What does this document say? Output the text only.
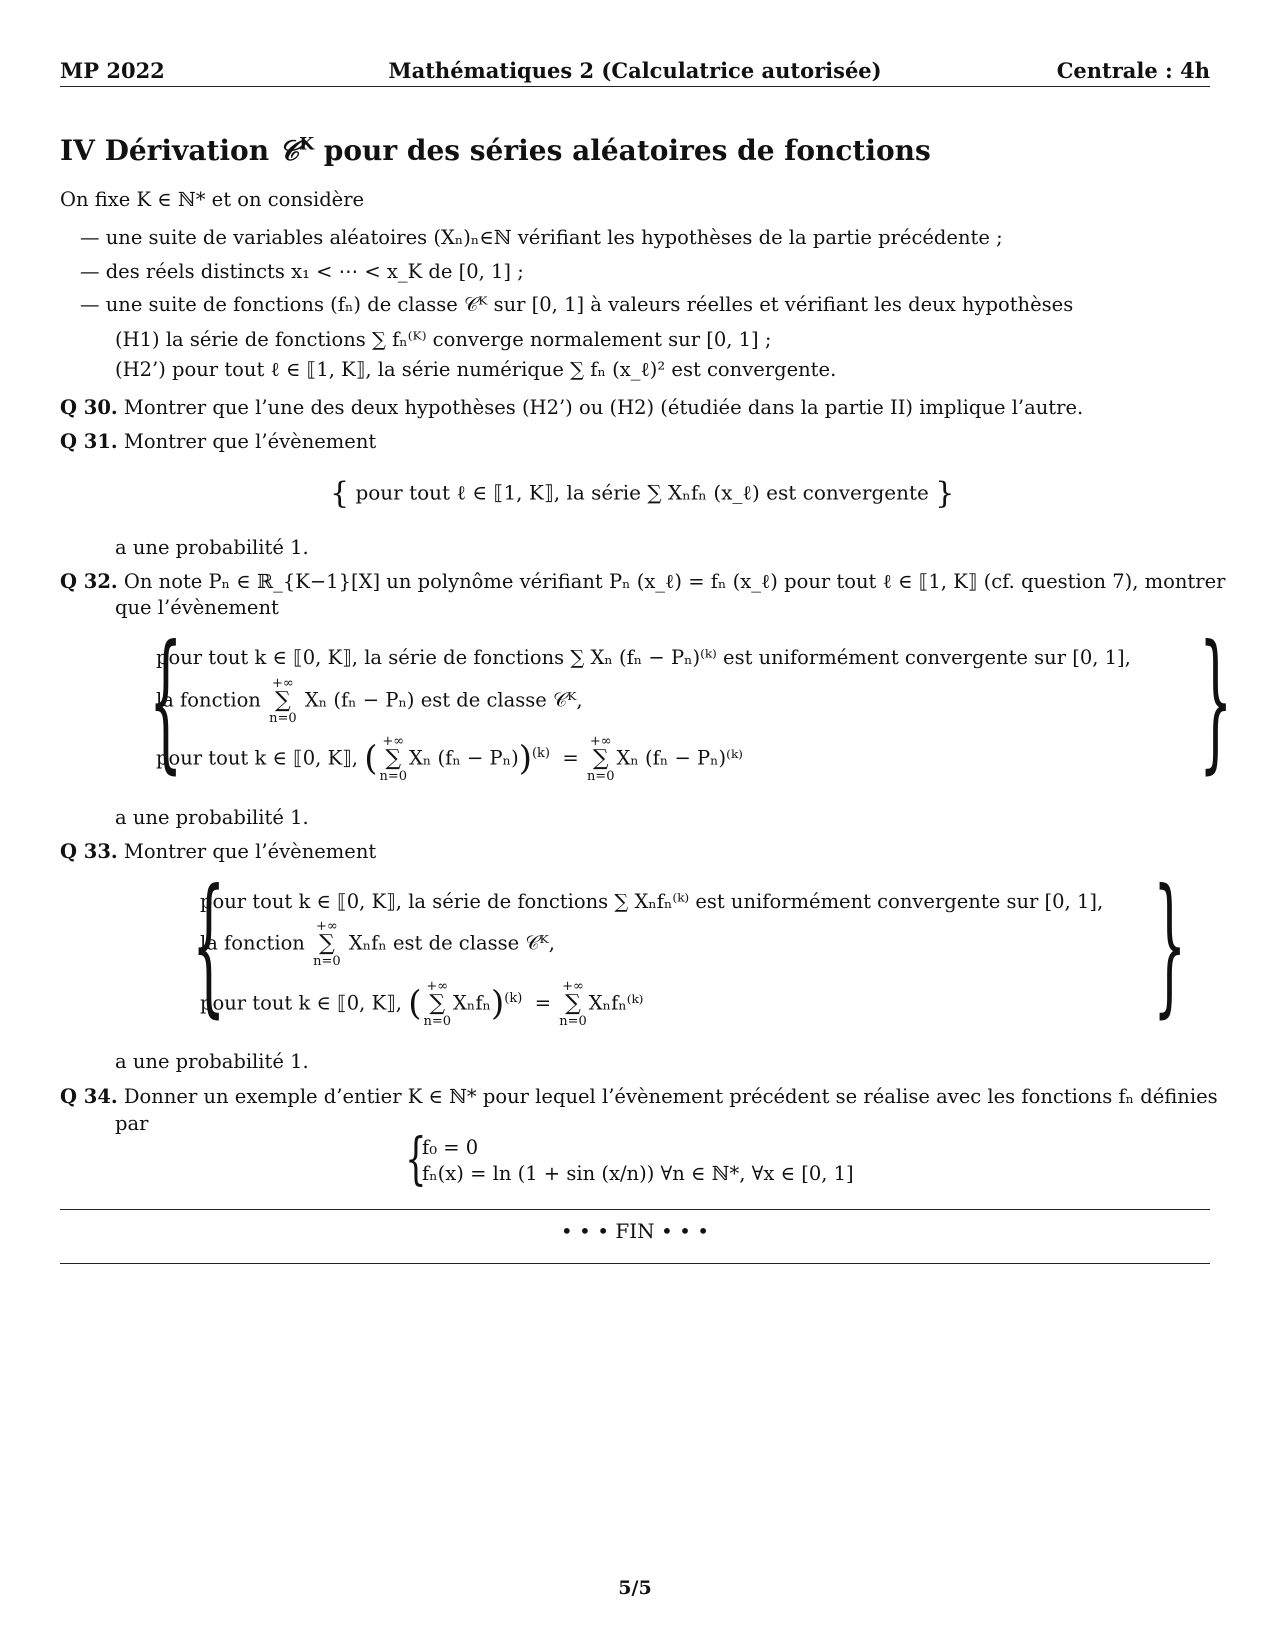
MP 2022	Mathématiques 2 (Calculatrice autorisée)	Centrale : 4h
IV Dérivation 𝒞$^K$ pour des séries aléatoires de fonctions
On fixe K ∈ ℕ* et on considère
— une suite de variables aléatoires (Xₙ)ₙ∈ℕ vérifiant les hypothèses de la partie précédente ;
— des réels distincts x₁ < ⋯ < x_K de [0, 1] ;
— une suite de fonctions (fₙ) de classe 𝒞ᴷ sur [0, 1] à valeurs réelles et vérifiant les deux hypothèses
(H1) la série de fonctions ∑ fₙ⁽ᴷ⁾ converge normalement sur [0, 1] ;
(H2’) pour tout ℓ ∈ ⟦1, K⟧, la série numérique ∑ fₙ (x_ℓ)² est convergente.
Q 30. Montrer que l’une des deux hypothèses (H2’) ou (H2) (étudiée dans la partie II) implique l’autre.
Q 31. Montrer que l’évènement
{ pour tout ℓ ∈ ⟦1, K⟧, la série ∑ Xₙfₙ (x_ℓ) est convergente }
a une probabilité 1.
Q 32. On note Pₙ ∈ ℝ_{K−1}[X] un polynôme vérifiant Pₙ (x_ℓ) = fₙ (x_ℓ) pour tout ℓ ∈ ⟦1, K⟧ (cf. question 7), montrer
que l’évènement
{
pour tout k ∈ ⟦0, K⟧, la série de fonctions ∑ Xₙ (fₙ − Pₙ)⁽ᵏ⁾ est uniformément convergente sur [0, 1],
la fonction +∞
∑
n=0 Xₙ (fₙ − Pₙ) est de classe 𝒞ᴷ,
pour tout k ∈ ⟦0, K⟧, ( +∞
∑
n=0Xₙ (fₙ − Pₙ))$^{(k)}$  = +∞
∑
n=0Xₙ (fₙ − Pₙ)⁽ᵏ⁾	}
a une probabilité 1.
Q 33. Montrer que l’évènement
{
pour tout k ∈ ⟦0, K⟧, la série de fonctions ∑ Xₙfₙ⁽ᵏ⁾ est uniformément convergente sur [0, 1],
la fonction +∞
∑
n=0 Xₙfₙ est de classe 𝒞ᴷ,
pour tout k ∈ ⟦0, K⟧, ( +∞
∑
n=0Xₙfₙ)$^{(k)}$  = +∞
∑
n=0Xₙfₙ⁽ᵏ⁾	}
a une probabilité 1.
Q 34. Donner un exemple d’entier K ∈ ℕ* pour lequel l’évènement précédent se réalise avec les fonctions fₙ définies
par
{
f₀ = 0
fₙ(x) = ln (1 + sin (x/n)) ∀n ∈ ℕ*, ∀x ∈ [0, 1]
• • • FIN • • •
5/5
